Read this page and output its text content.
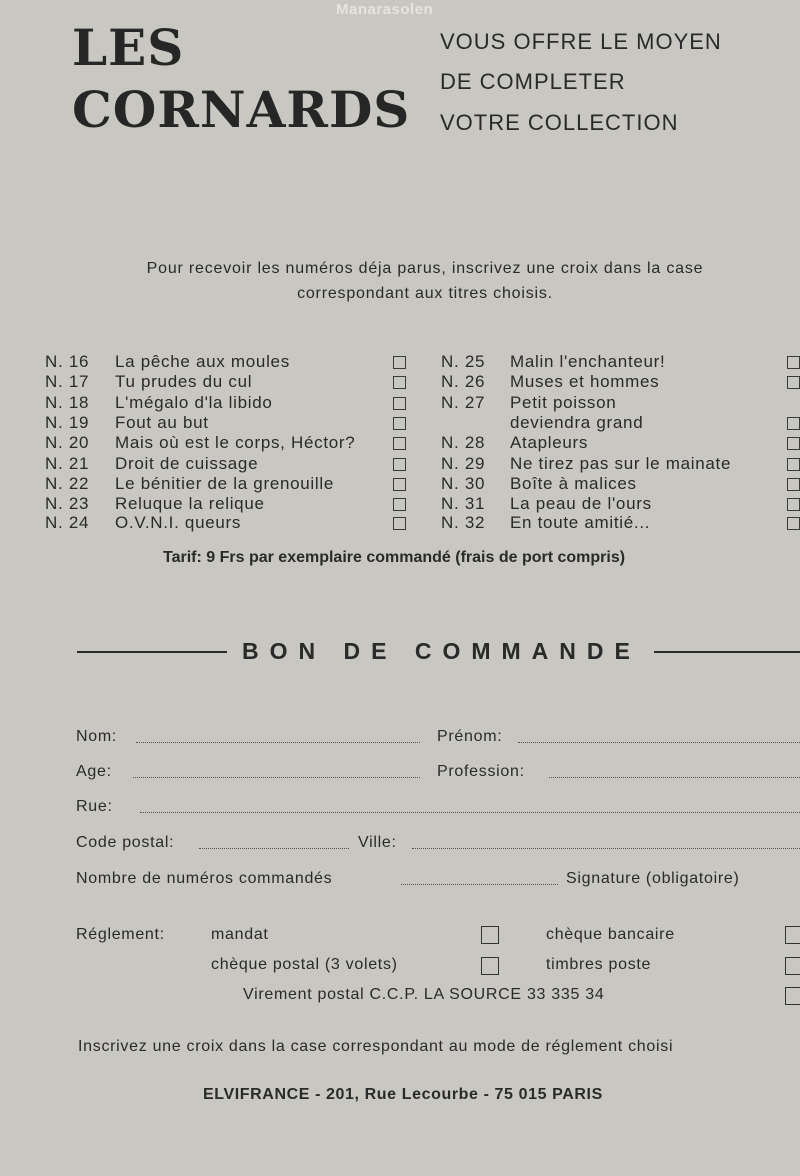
Manarasolen
LES
CORNARDS
VOUS OFFRE LE MOYEN
DE COMPLETER
VOTRE COLLECTION
Pour recevoir les numéros déja parus, inscrivez une croix dans la case
correspondant aux titres choisis.
N. 16 La pêche aux moules
N. 17 Tu prudes du cul
N. 18 L'mégalo d'la libido
N. 19 Fout au but
N. 20 Mais où est le corps, Héctor?
N. 21 Droit de cuissage
N. 22 Le bénitier de la grenouille
N. 23 Reluque la relique
N. 24 O.V.N.I. queurs
N. 25 Malin l'enchanteur!
N. 26 Muses et hommes
N. 27 Petit poisson
deviendra grand
N. 28 Atapleurs
N. 29 Ne tirez pas sur le mainate
N. 30 Boîte à malices
N. 31 La peau de l'ours
N. 32 En toute amitié...
Tarif: 9 Frs par exemplaire commandé (frais de port compris)
BON DE COMMANDE
Nom:	Prénom:
Age:	Profession:
Rue:
Code postal:	Ville:
Nombre de numéros commandés	Signature (obligatoire)
Réglement:	mandat	chèque bancaire
chèque postal (3 volets)	timbres poste
Virement postal C.C.P. LA SOURCE 33 335 34
Inscrivez une croix dans la case correspondant au mode de réglement choisi
ELVIFRANCE - 201, Rue Lecourbe - 75 015 PARIS
